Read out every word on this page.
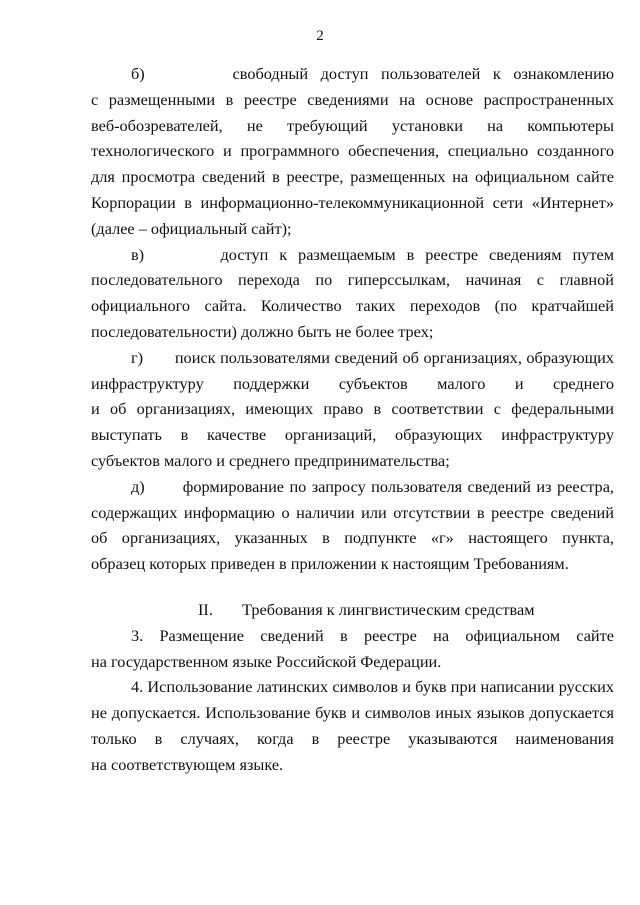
2
б)       свободный доступ пользователей к ознакомлению
с размещенными в реестре сведениями на основе распространенных
веб-обозревателей, не требующий установки на компьютеры
технологического и программного обеспечения, специально созданного
для просмотра сведений в реестре, размещенных на официальном сайте
Корпорации в информационно-телекоммуникационной сети «Интернет»
(далее – официальный сайт);
в)       доступ к размещаемым в реестре сведениям путем
последовательного перехода по гиперссылкам, начиная с главной
официального сайта. Количество таких переходов (по кратчайшей
последовательности) должно быть не более трех;
г)       поиск пользователями сведений об организациях, образующих
инфраструктуру поддержки субъектов малого и среднего
и об организациях, имеющих право в соответствии с федеральными
выступать в качестве организаций, образующих инфраструктуру
субъектов малого и среднего предпринимательства;
д)       формирование по запросу пользователя сведений из реестра,
содержащих информацию о наличии или отсутствии в реестре сведений
об организациях, указанных в подпункте «г» настоящего пункта,
образец которых приведен в приложении к настоящим Требованиям.
II. Требования к лингвистическим средствам
3. Размещение сведений в реестре на официальном сайте
на государственном языке Российской Федерации.
4. Использование латинских символов и букв при написании русских
не допускается. Использование букв и символов иных языков допускается
только в случаях, когда в реестре указываются наименования
на соответствующем языке.
